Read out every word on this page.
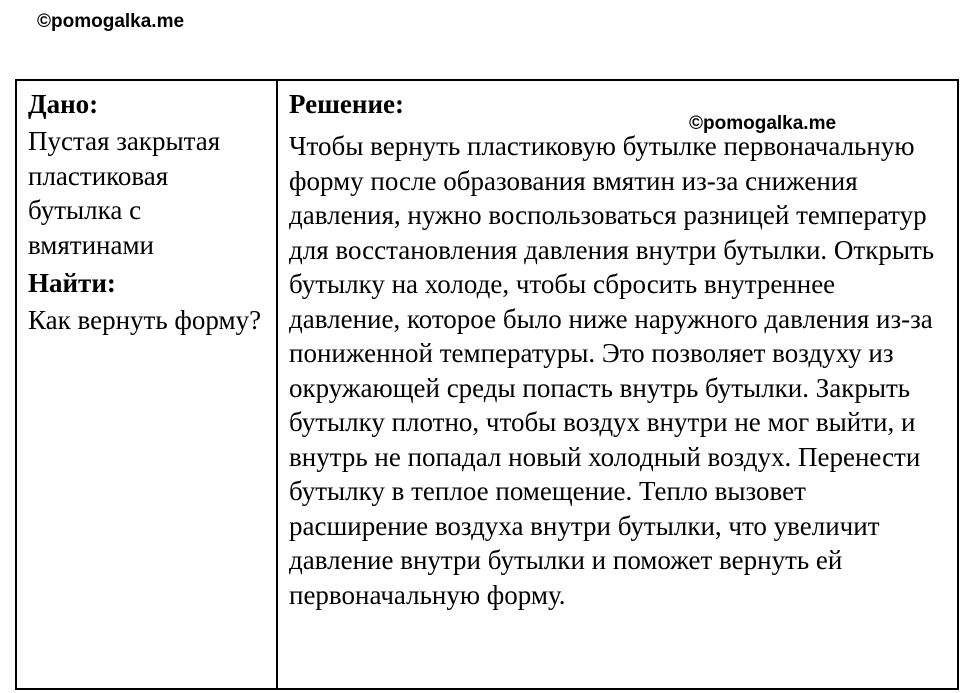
©pomogalka.me

Дано:

Пустая закрытая пластиковая бутылка с вмятинами

Найти:

Как вернуть форму?

Решение:

Чтобы вернуть пластиковую бутылке первоначальную форму после образования вмятин из-за снижения давления, нужно воспользоваться разницей температур для восстановления давления внутри бутылки. Открыть бутылку на холоде, чтобы сбросить внутреннее давление, которое было ниже наружного давления из-за пониженной температуры. Это позволяет воздуху из окружающей среды попасть внутрь бутылки. Закрыть бутылку плотно, чтобы воздух внутри не мог выйти, и внутрь не попадал новый холодный воздух. Перенести бутылку в теплое помещение. Тепло вызовет расширение воздуха внутри бутылки, что увеличит давление внутри бутылки и поможет вернуть ей первоначальную форму.

©pomogalka.me
